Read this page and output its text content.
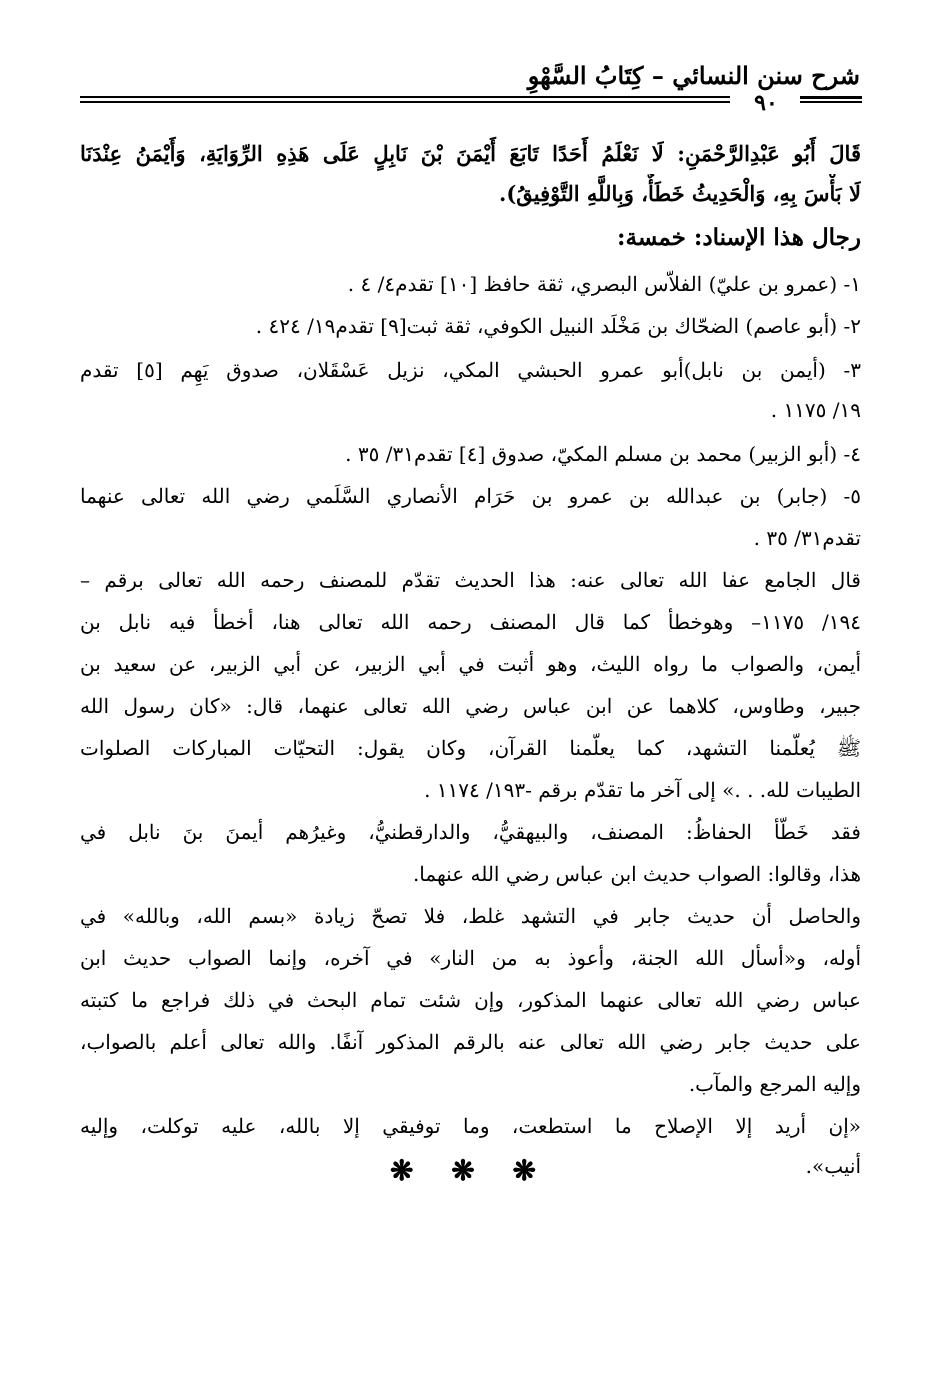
شرح سنن النسائي – كِتَابُ السَّهْوِ
٩٠
قَالَ أَبُو عَبْدِالرَّحْمَنِ: لَا نَعْلَمُ أَحَدًا تَابَعَ أَيْمَنَ بْنَ نَابِلٍ عَلَى هَذِهِ الرِّوَايَةِ، وَأَيْمَنُ عِنْدَنَا
لَا بَأْسَ بِهِ، وَالْحَدِيثُ خَطَأٌ، وَبِاللَّهِ التَّوْفِيقُ).
رجال هذا الإسناد: خمسة:
١- (عمرو بن عليّ) الفلاّس البصري، ثقة حافظ [١٠] تقدم٤/ ٤ .
٢- (أبو عاصم) الضحّاك بن مَخْلَد النبيل الكوفي، ثقة ثبت[٩] تقدم١٩/ ٤٢٤ .
٣- (أيمن بن نابل)أبو عمرو الحبشي المكي، نزيل عَسْقَلان، صدوق يَهِم [٥] تقدم
١٩/ ١١٧٥ .
٤- (أبو الزبير) محمد بن مسلم المكيّ، صدوق [٤] تقدم٣١/ ٣٥ .
٥- (جابر) بن عبدالله بن عمرو بن حَرَام الأنصاري السَّلَمي رضي الله تعالى عنهما
تقدم٣١/ ٣٥ .
قال الجامع عفا الله تعالى عنه: هذا الحديث تقدّم للمصنف رحمه الله تعالى برقم –
١٩٤/ ١١٧٥– وهوخطأ كما قال المصنف رحمه الله تعالى هنا، أخطأ فيه نابل بن
أيمن، والصواب ما رواه الليث، وهو أثبت في أبي الزبير، عن أبي الزبير، عن سعيد بن
جبير، وطاوس، كلاهما عن ابن عباس رضي الله تعالى عنهما، قال: «كان رسول الله
ﷺ يُعلّمنا التشهد، كما يعلّمنا القرآن، وكان يقول: التحيّات المباركات الصلوات
الطيبات لله. . .» إلى آخر ما تقدّم برقم -١٩٣/ ١١٧٤ .
فقد خَطّأ الحفاظُ: المصنف، والبيهقيُّ، والدارقطنيُّ، وغيرُهم أيمنَ بنَ نابل في
هذا، وقالوا: الصواب حديث ابن عباس رضي الله عنهما.
والحاصل أن حديث جابر في التشهد غلط، فلا تصحّ زيادة «بسم الله، وبالله» في
أوله، و«أسأل الله الجنة، وأعوذ به من النار» في آخره، وإنما الصواب حديث ابن
عباس رضي الله تعالى عنهما المذكور، وإن شئت تمام البحث في ذلك فراجع ما كتبته
على حديث جابر رضي الله تعالى عنه بالرقم المذكور آنفًا. والله تعالى أعلم بالصواب،
وإليه المرجع والمآب.
«إن أريد إلا الإصلاح ما استطعت، وما توفيقي إلا بالله، عليه توكلت، وإليه
أنيب».
❋ ❋ ❋
